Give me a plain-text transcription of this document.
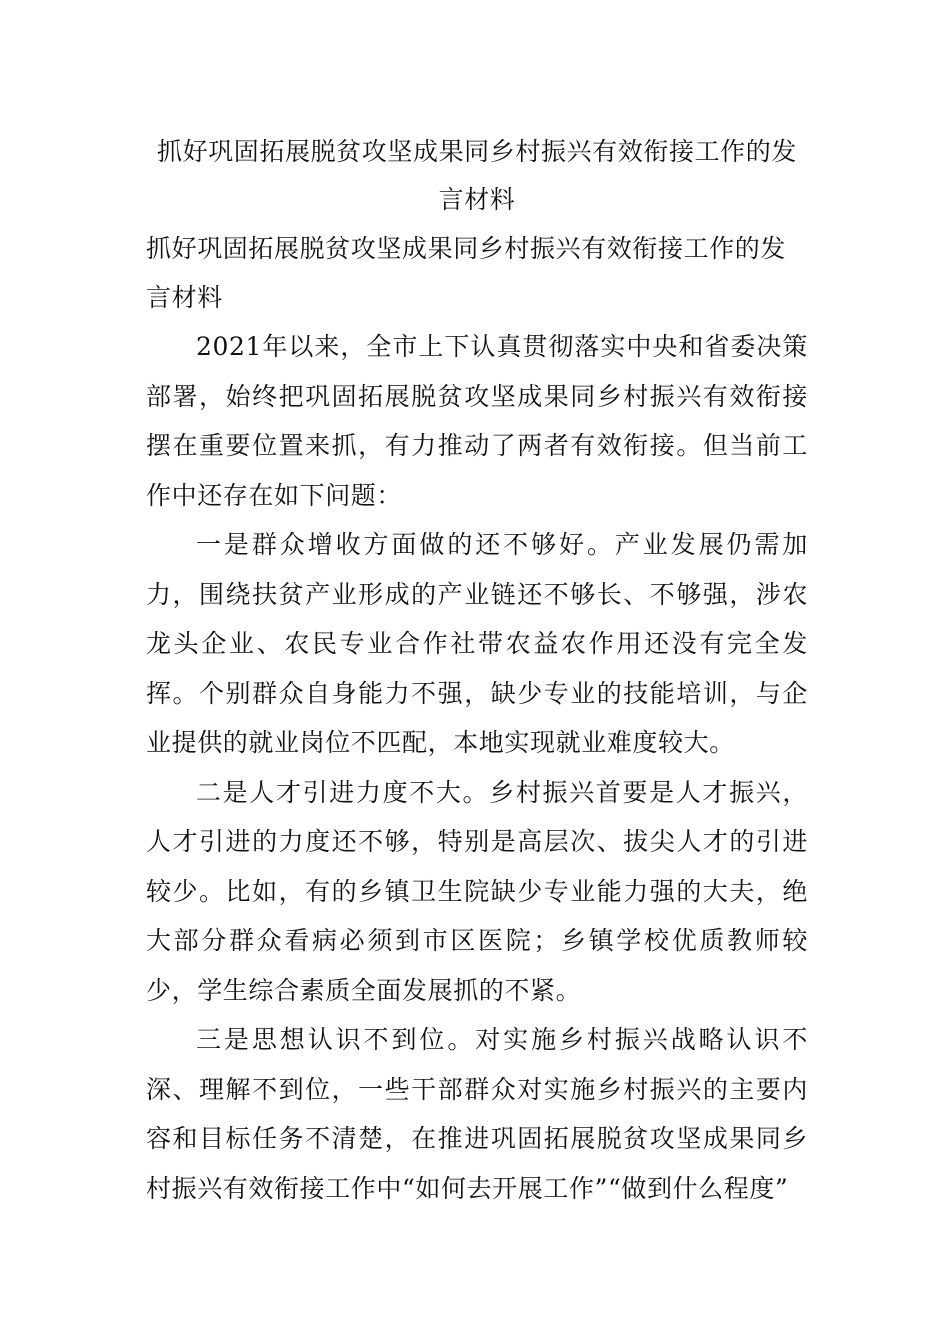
抓好巩固拓展脱贫攻坚成果同乡村振兴有效衔接工作的发言材料

抓好巩固拓展脱贫攻坚成果同乡村振兴有效衔接工作的发言材料

2021年以来，全市上下认真贯彻落实中央和省委决策部署，始终把巩固拓展脱贫攻坚成果同乡村振兴有效衔接摆在重要位置来抓，有力推动了两者有效衔接。但当前工作中还存在如下问题：

一是群众增收方面做的还不够好。产业发展仍需加力，围绕扶贫产业形成的产业链还不够长、不够强，涉农龙头企业、农民专业合作社带农益农作用还没有完全发挥。个别群众自身能力不强，缺少专业的技能培训，与企业提供的就业岗位不匹配，本地实现就业难度较大。

二是人才引进力度不大。乡村振兴首要是人才振兴，人才引进的力度还不够，特别是高层次、拔尖人才的引进较少。比如，有的乡镇卫生院缺少专业能力强的大夫，绝大部分群众看病必须到市区医院；乡镇学校优质教师较少，学生综合素质全面发展抓的不紧。

三是思想认识不到位。对实施乡村振兴战略认识不深、理解不到位，一些干部群众对实施乡村振兴的主要内容和目标任务不清楚，在推进巩固拓展脱贫攻坚成果同乡村振兴有效衔接工作中“如何去开展工作”“做到什么程度”
